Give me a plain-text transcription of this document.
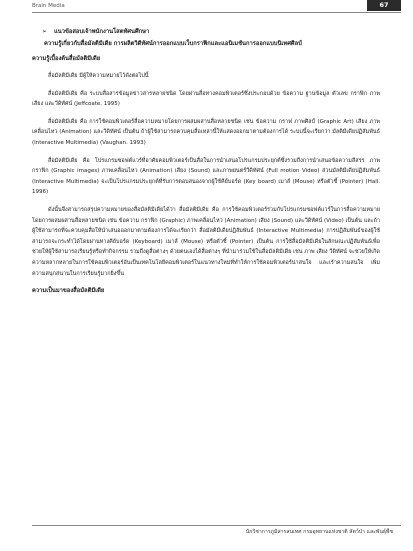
Brain Media	67
➢ แนวข้อสอบเจ้าพนักงานโสตทัศนศึกษา
ความรู้เกี่ยวกับสื่อมัลติมีเดีย การผลิตวิดีทัศน์การออกแบบเว็บกราฟิกและแอนิเมชันการออกแบบนิเทศศิลป์
ความรู้เบื้องต้นสื่อมัลติมีเดีย

สื่อมัลติมีเดีย มีผู้ให้ความหมายไว้ดังต่อไปนี้

สื่อมัลติมีเดีย คือ ระบบสื่อสารข้อมูลข่าวสารหลายชนิด โดยผ่านสื่อทางคอมพิวเตอร์ซึ่งประกอบด้วย ข้อความ ฐานข้อมูล ตัวเลข กราฟิก ภาพเสียง และวีดิทัศน์ (Jeffcoate. 1995)

สื่อมัลติมีเดีย คือ การใช้คอมพิวเตอร์สื่อความหมายโดยการผสมผสานสื่อหลายชนิด เช่น ข้อความ กราฟ ภาพศิลป์ (Graphic Art) เสียง ภาพเคลื่อนไหว (Animation) และวีดิทัศน์ เป็นต้น ถ้าผู้ใช้สามารถควบคุมสื่อเหล่านี้ให้แสดงออกมาตามต้องการได้ ระบบนี้จะเรียกว่า มัลติมีเดียปฏิสัมพันธ์ (Interactive Multimedia) (Vaughan. 1993)

สื่อมัลติมีเดีย คือ โปรแกรมซอฟต์แวร์ที่อาศัยคอมพิวเตอร์เป็นสื่อในการนำเสนอโปรแกรมประยุกต์ซึ่งรวมถึงการนำเสนอข้อความสีสรร ภาพกราฟิก (Graphic images) ภาพเคลื่อนไหว (Animation) เสียง (Sound) และภาพยนตร์วีดิทัศน์ (Full motion Video) ส่วนมัลติมีเดียปฏิสัมพันธ์ (Interactive Multimedia) จะเป็นโปรแกรมประยุกต์ที่รับการตอบสนองจากผู้ใช้คีย์บอร์ด (Key board) เมาส์ (Mouse) หรือตัวชี้ (Pointer) (Hall. 1996)

ดังนั้นจึงสามารถสรุปความหมายของสื่อมัลติมีเดียได้ว่า สื่อมัลติมีเดีย คือ การใช้คอมพิวเตอร์ร่วมกับโปรแกรมซอฟต์แวร์ในการสื่อความหมายโดยการผสมผสานสื่อหลายชนิด เช่น ข้อความ กราฟิก (Graphic) ภาพเคลื่อนไหว (Animation) เสียง (Sound) และวีดิทัศน์ (Video) เป็นต้น และถ้าผู้ใช้สามารถที่จะควบคุมสื่อให้นำเสนอออกมาตามต้องการได้จะเรียกว่า สื่อมัลติมีเดียปฏิสัมพันธ์ (Interactive Multimedia) การปฏิสัมพันธ์ของผู้ใช้สามารถจะกระทำได้โดยผ่านทางคีย์บอร์ด (Keyboard) เมาส์ (Mouse) หรือตัวชี้ (Pointer) เป็นต้น การใช้สื่อมัลติมีเดียในลักษณะปฏิสัมพันธ์เพื่อช่วยให้ผู้ใช้สามารถเรียนรู้หรือทำกิจกรรม รวมถึงดูสื่อต่างๆ ด้วยตนเองได้สื่อต่างๆ ที่นำมาร่วมใช้ในสื่อมัลติมีเดีย เช่น ภาพ เสียง วีดิทัศน์ จะช่วยให้เกิดความหลากหลายในการใช้คอมพิวเตอร์อันเป็นเทคโนโลยีคอมพิวเตอร์ในแนวทางใหม่ที่ทำให้การใช้คอมพิวเตอร์น่าสนใจ และเร้าความสนใจ เพิ่มความสนุกสนานในการเรียนรู้มากยิ่งขึ้น

ความเป็นมาของสื่อมัลติมีเดีย
นักวิชาการภูมิสารสนเทศ กรมอุทยานแห่งชาติ สัตว์ป่า และพันธุ์พืช
